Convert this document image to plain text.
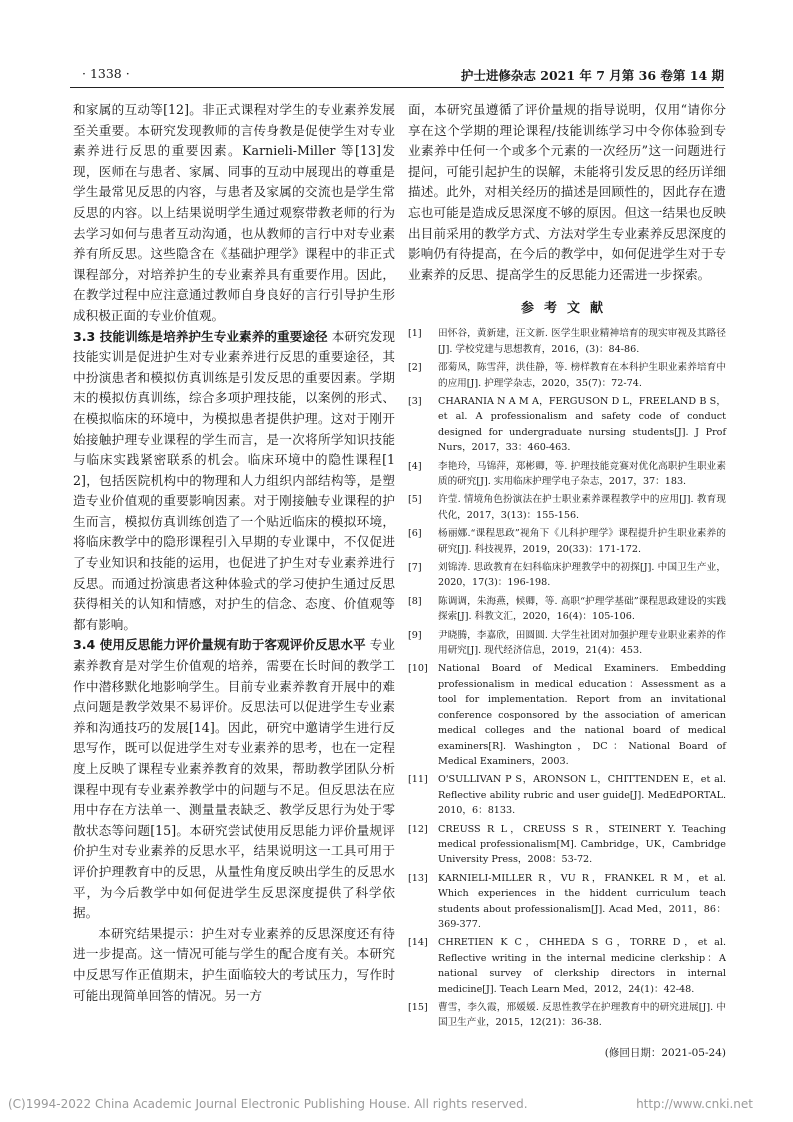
· 1338 ·	护士进修杂志 2021 年 7 月第 36 卷第 14 期
和家属的互动等[12]。非正式课程对学生的专业素养发展至关重要。本研究发现教师的言传身教是促使学生对专业素养进行反思的重要因素。Karnieli-Miller 等[13]发现，医师在与患者、家属、同事的互动中展现出的尊重是学生最常见反思的内容，与患者及家属的交流也是学生常反思的内容。以上结果说明学生通过观察带教老师的行为去学习如何与患者互动沟通，也从教师的言行中对专业素养有所反思。这些隐含在《基础护理学》课程中的非正式课程部分，对培养护生的专业素养具有重要作用。因此，在教学过程中应注意通过教师自身良好的言行引导护生形成积极正面的专业价值观。
3.3 技能训练是培养护生专业素养的重要途径 本研究发现技能实训是促进护生对专业素养进行反思的重要途径，其中扮演患者和模拟仿真训练是引发反思的重要因素。学期末的模拟仿真训练，综合多项护理技能，以案例的形式、在模拟临床的环境中，为模拟患者提供护理。这对于刚开始接触护理专业课程的学生而言，是一次将所学知识技能与临床实践紧密联系的机会。临床环境中的隐性课程[12]，包括医院机构中的物理和人力组织内部结构等，是塑造专业价值观的重要影响因素。对于刚接触专业课程的护生而言，模拟仿真训练创造了一个贴近临床的模拟环境，将临床教学中的隐形课程引入早期的专业课中，不仅促进了专业知识和技能的运用，也促进了护生对专业素养进行反思。而通过扮演患者这种体验式的学习使护生通过反思获得相关的认知和情感，对护生的信念、态度、价值观等都有影响。
3.4 使用反思能力评价量规有助于客观评价反思水平 专业素养教育是对学生价值观的培养，需要在长时间的教学工作中潜移默化地影响学生。目前专业素养教育开展中的难点问题是教学效果不易评价。反思法可以促进学生专业素养和沟通技巧的发展[14]。因此，研究中邀请学生进行反思写作，既可以促进学生对专业素养的思考，也在一定程度上反映了课程专业素养教育的效果，帮助教学团队分析课程中现有专业素养教学中的问题与不足。但反思法在应用中存在方法单一、测量量表缺乏、教学反思行为处于零散状态等问题[15]。本研究尝试使用反思能力评价量规评价护生对专业素养的反思水平，结果说明这一工具可用于评价护理教育中的反思，从量性角度反映出学生的反思水平，为今后教学中如何促进学生反思深度提供了科学依据。
本研究结果提示：护生对专业素养的反思深度还有待进一步提高。这一情况可能与学生的配合度有关。本研究中反思写作正值期末，护生面临较大的考试压力，写作时可能出现简单回答的情况。另一方
面，本研究虽遵循了评价量规的指导说明，仅用“请你分享在这个学期的理论课程/技能训练学习中令你体验到专业素养中任何一个或多个元素的一次经历”这一问题进行提问，可能引起护生的误解，未能将引发反思的经历详细描述。此外，对相关经历的描述是回顾性的，因此存在遗忘也可能是造成反思深度不够的原因。但这一结果也反映出目前采用的教学方式、方法对学生专业素养反思深度的影响仍有待提高，在今后的教学中，如何促进学生对于专业素养的反思、提高学生的反思能力还需进一步探索。
参考文献
[1]	田怀谷，黄新建，汪文新. 医学生职业精神培育的现实审视及其路径[J]. 学校党建与思想教育，2016，(3)：84-86.
[2]	邵菊凤，陈雪萍，洪佳静，等. 榜样教育在本科护生职业素养培育中的应用[J]. 护理学杂志，2020，35(7)：72-74.
[3]	CHARANIA N A M A，FERGUSON D L，FREELAND B S，et al. A professionalism and safety code of conduct designed for undergraduate nursing students[J]. J Prof Nurs，2017，33：460-463.
[4]	李艳玲，马锦萍，郑彬卿，等. 护理技能竞赛对优化高职护生职业素质的研究[J]. 实用临床护理学电子杂志，2017，37：183.
[5]	许莹. 情境角色扮演法在护士职业素养课程教学中的应用[J]. 教育现代化，2017，3(13)：155-156.
[6]	杨丽娜.“课程思政”视角下《儿科护理学》课程提升护生职业素养的研究[J]. 科技视界，2019，20(33)：171-172.
[7]	刘锦涛. 思政教育在妇科临床护理教学中的初探[J]. 中国卫生产业，2020，17(3)：196-198.
[8]	陈调调，朱海燕，候卿，等. 高职“护理学基础”课程思政建设的实践探索[J]. 科教文汇，2020，16(4)：105-106.
[9]	尹晓腾，李嘉欣，田圆圆. 大学生社团对加强护理专业职业素养的作用研究[J]. 现代经济信息，2019，21(4)：453.
[10]	National Board of Medical Examiners. Embedding professionalism in medical education：Assessment as a tool for implementation. Report from an invitational conference cosponsored by the association of american medical colleges and the national board of medical examiners[R]. Washington，DC：National Board of Medical Examiners，2003.
[11]	O'SULLIVAN P S，ARONSON L，CHITTENDEN E，et al. Reflective ability rubric and user guide[J]. MedEdPORTAL. 2010，6：8133.
[12]	CREUSS R L，CREUSS S R，STEINERT Y. Teaching medical professionalism[M]. Cambridge，UK，Cambridge University Press，2008：53-72.
[13]	KARNIELI-MILLER R，VU R，FRANKEL R M，et al. Which experiences in the hiddent curriculum teach students about professionalism[J]. Acad Med，2011，86：369-377.
[14]	CHRETIEN K C，CHHEDA S G，TORRE D，et al. Reflective writing in the internal medicine clerkship：A national survey of clerkship directors in internal medicine[J]. Teach Learn Med，2012，24(1)：42-48.
[15]	曹雪，李久霞，邢媛媛. 反思性教学在护理教育中的研究进展[J]. 中国卫生产业，2015，12(21)：36-38.
(修回日期：2021-05-24)
(C)1994-2022 China Academic Journal Electronic Publishing House. All rights reserved.	http://www.cnki.net
